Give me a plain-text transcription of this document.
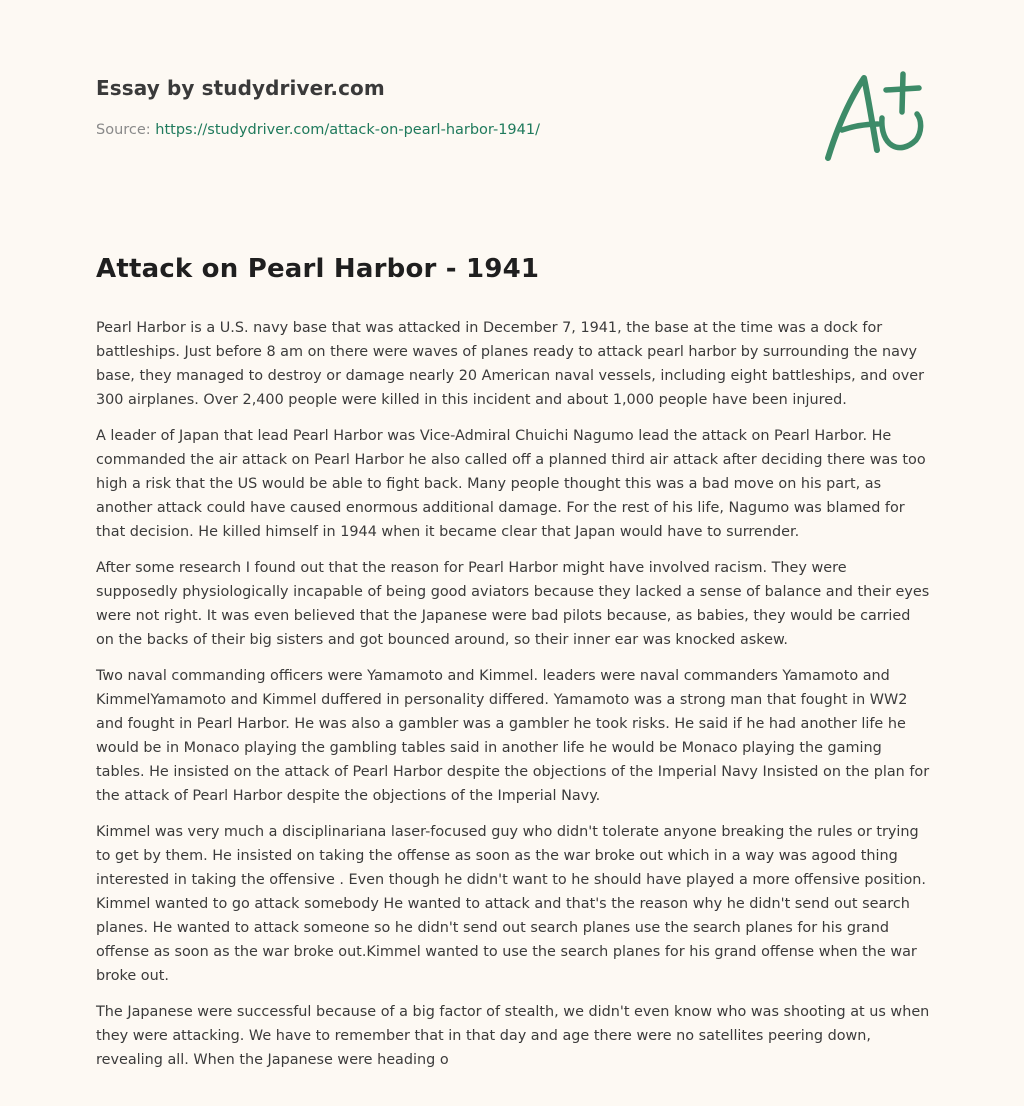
Essay by studydriver.com
Source: https://studydriver.com/attack-on-pearl-harbor-1941/
Attack on Pearl Harbor - 1941

Pearl Harbor is a U.S. navy base that was attacked in December 7, 1941, the base at the time was a dock for battleships. Just before 8 am on there were waves of planes ready to attack pearl harbor by surrounding the navy base, they managed to destroy or damage nearly 20 American naval vessels, including eight battleships, and over 300 airplanes. Over 2,400 people were killed in this incident and about 1,000 people have been injured.

A leader of Japan that lead Pearl Harbor was Vice-Admiral Chuichi Nagumo lead the attack on Pearl Harbor. He commanded the air attack on Pearl Harbor he also called off a planned third air attack after deciding there was too high a risk that the US would be able to fight back. Many people thought this was a bad move on his part, as another attack could have caused enormous additional damage. For the rest of his life, Nagumo was blamed for that decision. He killed himself in 1944 when it became clear that Japan would have to surrender.

After some research I found out that the reason for Pearl Harbor might have involved racism. They were supposedly physiologically incapable of being good aviators because they lacked a sense of balance and their eyes were not right. It was even believed that the Japanese were bad pilots because, as babies, they would be carried on the backs of their big sisters and got bounced around, so their inner ear was knocked askew.

Two naval commanding officers were Yamamoto and Kimmel. leaders were naval commanders Yamamoto and KimmelYamamoto and Kimmel duffered in personality differed. Yamamoto was a strong man that fought in WW2 and fought in Pearl Harbor. He was also a gambler was a gambler he took risks. He said if he had another life he would be in Monaco playing the gambling tables said in another life he would be Monaco playing the gaming tables. He insisted on the attack of Pearl Harbor despite the objections of the Imperial Navy Insisted on the plan for the attack of Pearl Harbor despite the objections of the Imperial Navy.

Kimmel was very much a disciplinariana laser-focused guy who didn't tolerate anyone breaking the rules or trying to get by them. He insisted on taking the offense as soon as the war broke out which in a way was agood thing interested in taking the offensive . Even though he didn't want to he should have played a more offensive position. Kimmel wanted to go attack somebody He wanted to attack and that's the reason why he didn't send out search planes. He wanted to attack someone so he didn't send out search planes use the search planes for his grand offense as soon as the war broke out.Kimmel wanted to use the search planes for his grand offense when the war broke out.

The Japanese were successful because of a big factor of stealth, we didn't even know who was shooting at us when they were attacking. We have to remember that in that day and age there were no satellites peering down, revealing all. When the Japanese were heading o
